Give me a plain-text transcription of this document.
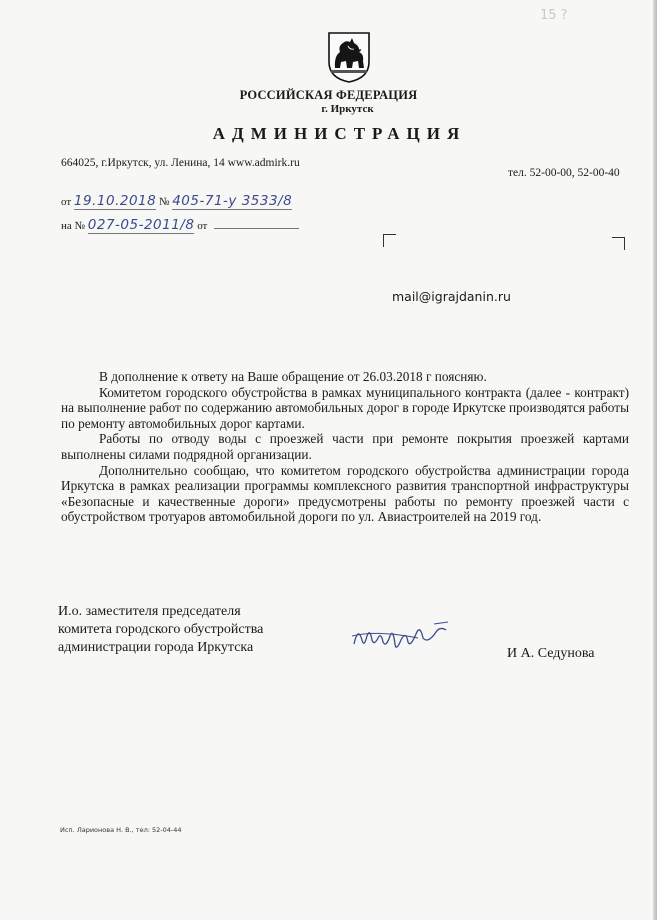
15 ?
РОССИЙСКАЯ ФЕДЕРАЦИЯ
г. Иркутск
АДМИНИСТРАЦИЯ
664025, г.Иркутск, ул. Ленина, 14 www.admirk.ru
тел. 52-00-00, 52-00-40
от 19.10.2018 № 405-71-у 3533/8
на № 027-05-2011/8 от
mail@igrajdanin.ru

В дополнение к ответу на Ваше обращение от 26.03.2018 г поясняю.

Комитетом городского обустройства в рамках муниципального контракта (далее - контракт) на выполнение работ по содержанию автомобильных дорог в городе Иркутске производятся работы по ремонту автомобильных дорог картами.

Работы по отводу воды с проезжей части при ремонте покрытия проезжей картами выполнены силами подрядной организации.

Дополнительно сообщаю, что комитетом городского обустройства администрации города Иркутска в рамках реализации программы комплексного развития транспортной инфраструктуры «Безопасные и качественные дороги» предусмотрены работы по ремонту проезжей части с обустройством тротуаров автомобильной дороги по ул. Авиастроителей на 2019 год.

И.о. заместителя председателя
комитета городского обустройства
администрации города Иркутска	И А. Седунова
Исп. Ларионова Н. В., тел: 52-04-44
